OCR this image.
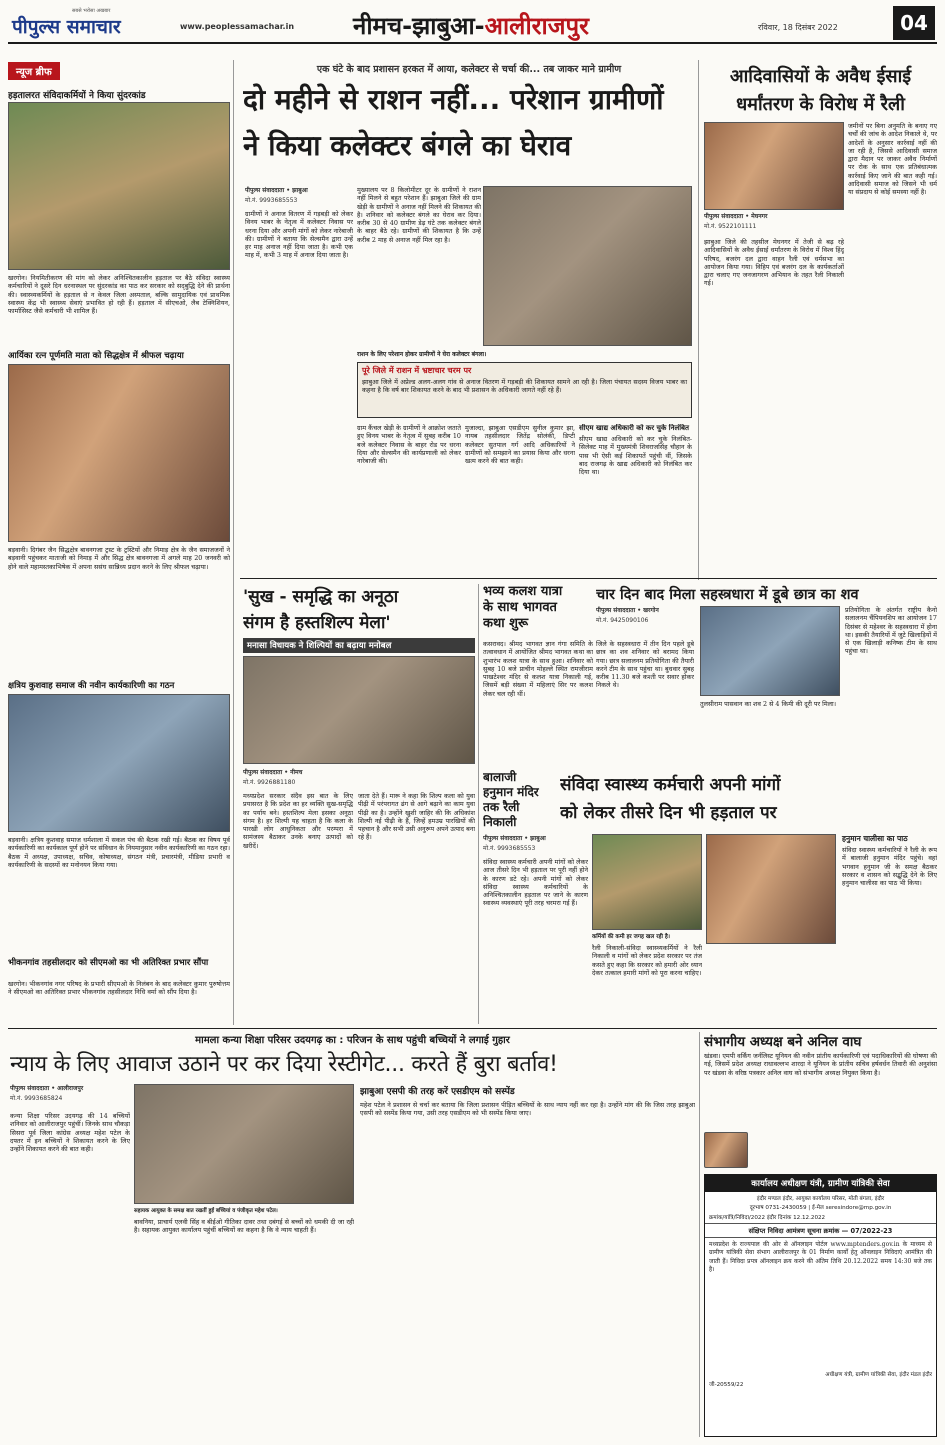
सबसे भरोसा अखबार
पीपुल्स समाचार	www.peoplessamachar.in नीमच-झाबुआ-आलीराजपुर	रविवार, 18 दिसंबर 2022	04
न्यूज ब्रीफ
हड़तालरत संविदाकर्मियों ने किया सुंदरकांड
खरगोन। नियमितीकरण की मांग को लेकर अनिश्चितकालीन हड़ताल पर बैठे संविदा स्वास्थ्य कर्मचारियों ने दूसरे दिन धरनास्थल पर सुंदरकांड का पाठ कर सरकार को सद्‌बुद्धि देने की प्रार्थना की। स्वास्थ्यकर्मियों के हड़ताल से न केवल जिला अस्पताल, बल्कि सामुदायिक एवं प्राथमिक स्वास्थ्य केंद्र भी स्वास्थ्य सेवाएं प्रभावित हो रही हैं। हड़ताल में सीएचओ, लैब टेक्निशियन, फार्मासिस्ट जैसे कर्मचारी भी शामिल हैं।
आर्यिका रत्न पूर्णमति माता को सिद्धक्षेत्र में श्रीफल चढ़ाया
बड़वानी। दिगंबर जैन सिद्धक्षेत्र बावनगजा ट्रस्ट के ट्रस्टियों और निमाड़ क्षेत्र के जैन समाजजनों ने बड़वानी पहुंचकर माताजी को निमाड़ में और सिद्ध क्षेत्र बावनगजा में अगले माह 20 जनवरी को होने वाले महामस्तकाभिषेक में अपना ससंघ सान्निध्य प्रदान करने के लिए श्रीफल चढ़ाया।
क्षत्रिय कुशवाह समाज की नवीन कार्यकारिणी का गठन
बड़वानी। क्षत्रिय कुशवाह समाज धर्मशाला में सकल पंच की बैठक रखी गई। बैठक का विषय पूर्व कार्यकारिणी का कार्यकाल पूर्ण होने पर संविधान के नियमानुसार नवीन कार्यकारिणी का गठन रहा। बैठक में अध्यक्ष, उपाध्यक्ष, सचिव, कोषाध्यक्ष, संगठन मंत्री, प्रचारमंत्री, मीडिया प्रभारी व कार्यकारिणी के सदस्यों का मनोनयन किया गया।
भीकनगांव तहसीलदार को सीएमओ का भी अतिरिक्त प्रभार सौंपा
खरगोन। भीकनगांव नगर परिषद के प्रभारी सीएमओ के निलंबन के बाद कलेक्टर कुमार पुरुषोत्तम ने सीएमओ का अतिरिक्त प्रभार भीकनगांव तहसीलदार निधि वर्मा को सौंप दिया है।
एक घंटे के बाद प्रशासन हरकत में आया, कलेक्टर से चर्चा की... तब जाकर माने ग्रामीण
दो महीने से राशन नहीं... परेशान ग्रामीणों
ने किया कलेक्टर बंगले का घेराव
पीपुल्स संवाददाता • झाबुआ
मो.नं. 9993685553
मुख्यालय पर 8 किलोमीटर दूर के ग्रामीणों ने राशन नहीं मिलने से बहुत परेशान हैं। झाबुआ जिले की ग्राम खेड़ी के ग्रामीणों ने अनाज नहीं मिलने की शिकायत की है। शनिवार को कलेक्टर बंगले का घेराव कर दिया। करीब 30 से 40 ग्रामीण डेढ़ घंटे तक कलेक्टर बंगले के बाहर बैठे रहे। ग्रामीणों की शिकायत है कि उन्हें करीब 2 माह से अनाज नहीं मिल रहा है।
ग्रामीणों ने अनाज वितरण में गड़बड़ी को लेकर विनय भाबर के नेतृत्व में कलेक्टर निवास पर धरना दिया और अपनी मांगों को लेकर नारेबाजी की। ग्रामीणों ने बताया कि सेल्समैन द्वारा उन्हें हर माह अनाज नहीं दिया जाता है। कभी एक माह में, कभी 3 माह में अनाज दिया जाता है।
राशन के लिए परेशान होकर ग्रामीणों ने घेरा कलेक्टर बंगला।
पूरे जिले में राशन में भ्रष्टाचार चरम पर
झाबुआ जिले में अप्रेल्ड अलग-अलग गांव से अनाज वितरण में गड़बड़ी की शिकायत सामने आ रही है। जिला पंचायत सदस्य विजय भाबर का कहना है कि वर्ष बार शिकायत करने के बाद भी प्रशासन के अधिकारी जागते नहीं रहे हैं।
ग्राम कैंचल खेड़ी के ग्रामीणों ने आक्रोश जताते हुए विनय भाबर के नेतृत्व में सुबह करीब 10 बजे कलेक्टर निवास के बाहर रोड पर धरना दिया और सेल्समैन की कार्यप्रणाली को लेकर नारेबाजी की।
मुजाल्दा, झाबुआ एसडीएम सुनील कुमार झा, नायब तहसीलदार जितेंद्र सोलंकी, डिप्टी कलेक्टर सुतपाल गर्ग आदि अधिकारियों ने ग्रामीणों को समझाने का प्रयास किया और धरना खत्म करने की बात कही।
सीएम खाद्य अधिकारी को कर चुके निलंबित
सीएम खाद्य अधिकारी को कर चुके निलंबित-सिलेक्ट माह में मुख्यमंत्री शिवराजसिंह चौहान के पास भी ऐसी कई शिकायतें पहुंची थीं, जिसके बाद राजगढ़ के खाद्य अधिकारी को निलंबित कर दिया था।
आदिवासियों के अवैध ईसाई
धर्मांतरण के विरोध में रैली
पीपुल्स संवाददाता • मेघनगर
मो.नं. 9522101111
झाबुआ जिले की तहसील मेघनगर में तेजी से बढ़ रहे आदिवासियों के अवैध ईसाई धर्मांतरण के विरोध में विश्व हिंदू परिषद, बजरंग दल द्वारा वाहन रैली एवं धर्मसभा का आयोजन किया गया। विहिप एवं बजरंग दल के कार्यकर्ताओं द्वारा चलाए गए जनजागरण अभियान के तहत रैली निकाली गई।
जमीनों पर बिना अनुमति के बनाए गए चर्चों की जांच के आदेश निकाले थे, पर आदेशों के अनुसार कार्रवाई नहीं की जा रही है, जिससे आदिवासी समाज द्वारा मैदान पर जाकर अवैध निर्माणों पर रोक के साथ एक प्रतिबंधात्मक कार्रवाई किए जाने की बात कही गई। आदिवासी समाज को जिसने भी धर्म या संप्रदाय से कोई समस्या नहीं है।
'सुख - समृद्धि का अनूठा
संगम है हस्तशिल्प मेला'
मनासा विधायक ने शिल्पियों का बढ़ाया मनोबल
पीपुल्स संवाददाता • नीमच
मो.नं. 9926881180
मध्यप्रदेश सरकार संदैव इस बात के लिए प्रयासरत है कि प्रदेश का हर व्यक्ति सुख-समृद्धि का पर्याय बने। हस्तशिल्प मेला इसका अनूठा संगम है। हर शिल्पी यह चाहता है कि कला के पारखी लोग आधुनिकता और परम्परा में सामंजस्य बैठाकर उनके बनाए उत्पादों को खरीदें।
जाता देते हैं। मारू ने कहा कि शिल्प कला को युवा पीढ़ी में परंपरागत ढंग से आगे बढ़ाने का काम युवा पीढ़ी का है। उन्होंने खुशी जाहिर की कि अधिकांश शिल्पी नई पीढ़ी के हैं, जिन्हें हमउम्र पारखियों की पहचान है और सभी उसी अनुरूप अपने उत्पाद बना रहे हैं।
भव्य कलश यात्रा
के साथ भागवत
कथा शुरू
कसरावद। श्रीमद भागवत ज्ञान गंगा समिति के तत्वावधान में आयोजित श्रीमद भागवत कथा का शुभारंभ कलश यात्रा के साथ हुआ। शनिवार को सुबह 10 बजे प्राचीन मोहल्ले स्थित रामजीराम पाखटेश्वर मंदिर से कलश यात्रा निकाली गई, जिसमें बड़ी संख्या में महिलाएं सिर पर कलश लेकर चल रही थीं।
चार दिन बाद मिला सहस्त्रधारा में डूबे छात्र का शव
पीपुल्स संवाददाता • खरगोन
मो.नं. 9425090106
जिले के सहस्त्रधारा में तीन दिन पहले डूबे छात्र का शव शनिवार को बरामद किया गया। छात्र सलालनम प्रतियोगिता की तैयारी करने टीम के साथ पहुंचा था। बुधवार सुबह करीब 11.30 बजे कश्ती पर सवार होकर निकले थे।
तुलसीराम पासवान का शव 2 से 4 किमी की दूरी पर मिला।
प्रतियोगिता के अंतर्गत राष्ट्रीय कैनो सलालनम चैंपियनशिप का आयोजन 17 दिसंबर से महेश्वर के सहस्त्रधारा में होना था। इसकी तैयारियों में जुटे खिलाड़ियों में से एक खिलाड़ी कनिष्क टीम के साथ पहुंचा था।
बालाजी
हनुमान मंदिर
तक रैली
निकाली
संविदा स्वास्थ्य कर्मचारी अपनी मांगों
को लेकर तीसरे दिन भी हड़ताल पर
पीपुल्स संवाददाता • झाबुआ
मो.नं. 9993685553
संविदा स्वास्थ्य कर्मचारी अपनी मांगों को लेकर आज तीसरे दिन भी हड़ताल पर पूरी नहीं होने के कारण डटे रहे। अपनी मांगों को लेकर संविदा स्वास्थ्य कर्मचारियों के अनिश्चितकालीन हड़ताल पर जाने के कारण स्वास्थ्य व्यवस्थाएं पूरी तरह चरमरा गई हैं।
कर्मियों की कमी हर जगह खल रही है।
रैली निकाली-संविदा स्वास्थ्यकर्मियों ने रैली निकाली व मांगों को लेकर प्रदेश सरकार पर तंज कसते हुए कहा कि सरकार को हमारी ओर ध्यान देकर तत्काल हमारी मांगों को पूरा करना चाहिए।
हनुमान चालीसा का पाठ
संविदा स्वास्थ्य कर्मचारियों ने रैली के रूप में बालाजी हनुमान मंदिर पहुंचे। वहां भगवान हनुमान जी के समक्ष बैठकर सरकार व शासन को सद्बुद्धि देने के लिए हनुमान चालीसा का पाठ भी किया।
मामला कन्या शिक्षा परिसर उदयगढ़ का : परिजन के साथ पहुंची बच्चियों ने लगाई गुहार
न्याय के लिए आवाज उठाने पर कर दिया रेस्टीगेट... करते हैं बुरा बर्ताव!
पीपुल्स संवाददाता • आलीराजपुर
मो.नं. 9993685824
कन्या शिक्षा परिसर उदयगढ़ की 14 बच्चियों शनिवार को आलीराजपुर पहुंचीं। जिनके साथ चौकड़ा सिसरा पूर्व जिला कांग्रेस अध्यक्ष महेश पटेल के दफ्तर में इन बच्चियों ने शिकायत करने के लिए उन्होंने शिकायत करने की बात कही।
सहायक आयुक्त के समक्ष बात रखतीं हुईं बच्चियां व पंजीकृत महेश पटेल।
बावनिया, प्राचार्य एलवी सिंह व बीईओ गीतिका दावर तथा दबंगई से बच्चों को धमकी दी जा रही है। सहायक आयुक्त कार्यालय पहुंचीं बच्चियों का कहना है कि वे न्याय चाहती हैं।
झाबुआ एसपी की तरह करें एसडीएम को सस्पेंड
महेश पटेल ने प्रशासन से चर्चा कर बताया कि जिला प्रशासन पीड़ित बच्चियों के साथ न्याय नहीं कर रहा है। उन्होंने मांग की कि जिस तरह झाबुआ एसपी को सस्पेंड किया गया, उसी तरह एसडीएम को भी सस्पेंड किया जाए।
संभागीय अध्यक्ष बने अनिल वाघ
खंडवा। एमपी वर्किंग जर्नलिस्ट यूनियन की नवीन प्रांतीय कार्यकारिणी एवं पदाधिकारियों की घोषणा की गई, जिसमें प्रदेश अध्यक्ष राधावल्लभ शारदा ने यूनियन के प्रांतीय सचिव हर्षवर्धन तिवारी की अनुशंसा पर खंडवा के वरिष्ठ पत्रकार अनिल वाघ को संभागीय अध्यक्ष नियुक्त किया है।
कार्यालय अधीक्षण यंत्री, ग्रामीण यांत्रिकी सेवा
इंदौर मण्डल इंदौर, आयुक्त कार्यालय परिसर, मोती बंगला, इंदौर
दूरभाष 0731-2430059 | ई-मेल seresindore@mp.gov.in
क्रमांक/यांत्रि/निविदा/2022 इंदौर दिनांक 12.12.2022
संक्षिप्त निविदा आमंत्रण सूचना क्रमांक — 07/2022-23
मध्यप्रदेश के राज्यपाल की ओर से ऑनलाइन पोर्टल www.mptenders.gov.in के माध्यम से ग्रामीण यांत्रिकी सेवा संभाग आलीराजपुर के 01 निर्माण कार्यों हेतु ऑनलाइन निविदाएं आमंत्रित की जाती हैं। निविदा प्रपत्र ऑनलाइन क्रय करने की अंतिम तिथि 20.12.2022 समय 14:30 बजे तक है।
अधीक्षण यंत्री, ग्रामीण यांत्रिकी सेवा, इंदौर मंडल इंदौर
जी-20559/22
